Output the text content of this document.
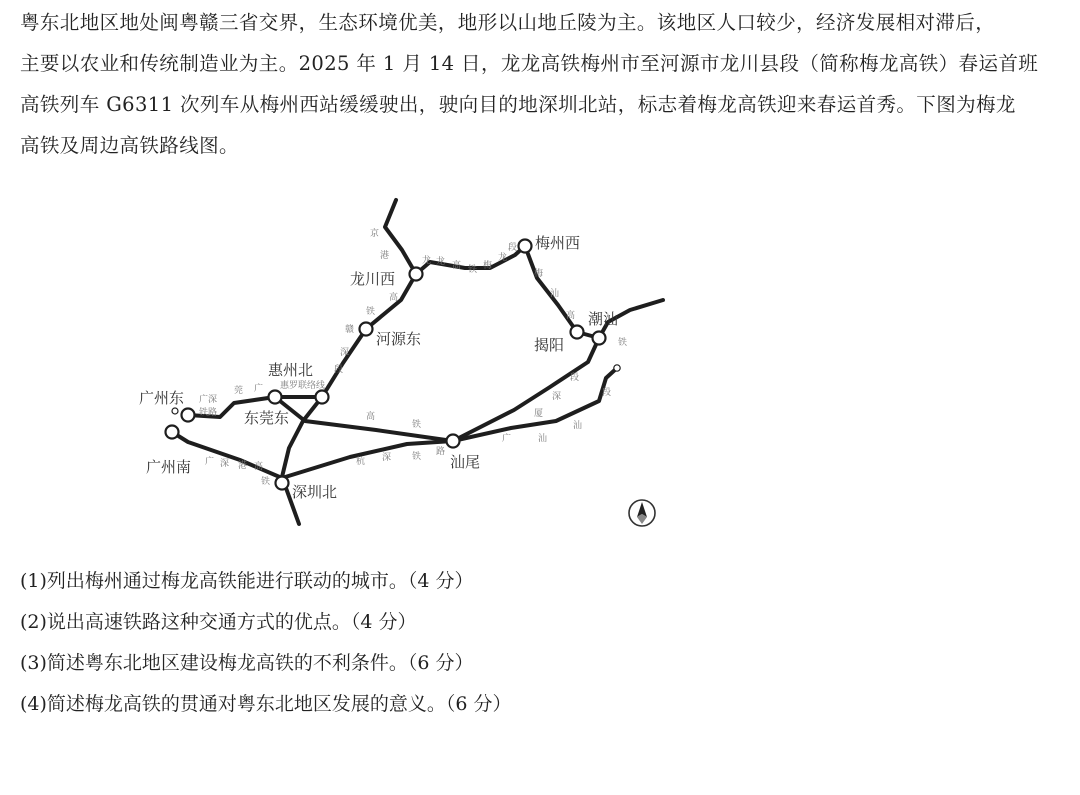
粤东北地区地处闽粤赣三省交界，生态环境优美，地形以山地丘陵为主。该地区人口较少，经济发展相对滞后，

主要以农业和传统制造业为主。2025 年 1 月 14 日，龙龙高铁梅州市至河源市龙川县段（简称梅龙高铁）春运首班

高铁列车 G6311 次列车从梅州西站缓缓驶出，驶向目的地深圳北站，标志着梅龙高铁迎来春运首秀。下图为梅龙

高铁及周边高铁路线图。

梅州西
龙川西
河源东
惠州北
广州东
东莞东
广州南
深圳北
汕尾
揭阳
潮汕
京
港	龙 龙 高 铁 梅
龙
段
梅
汕
高
高
铁
赣
深
段
广深
铁路
莞 广 惠罗联络线
高
铁
广 深 港 高
铁
杭 深 铁 路
铁
段
深
厦
广	汕
汕
段

(1)列出梅州通过梅龙高铁能进行联动的城市。（4 分）

(2)说出高速铁路这种交通方式的优点。（4 分）

(3)简述粤东北地区建设梅龙高铁的不利条件。（6 分）

(4)简述梅龙高铁的贯通对粤东北地区发展的意义。（6 分）
